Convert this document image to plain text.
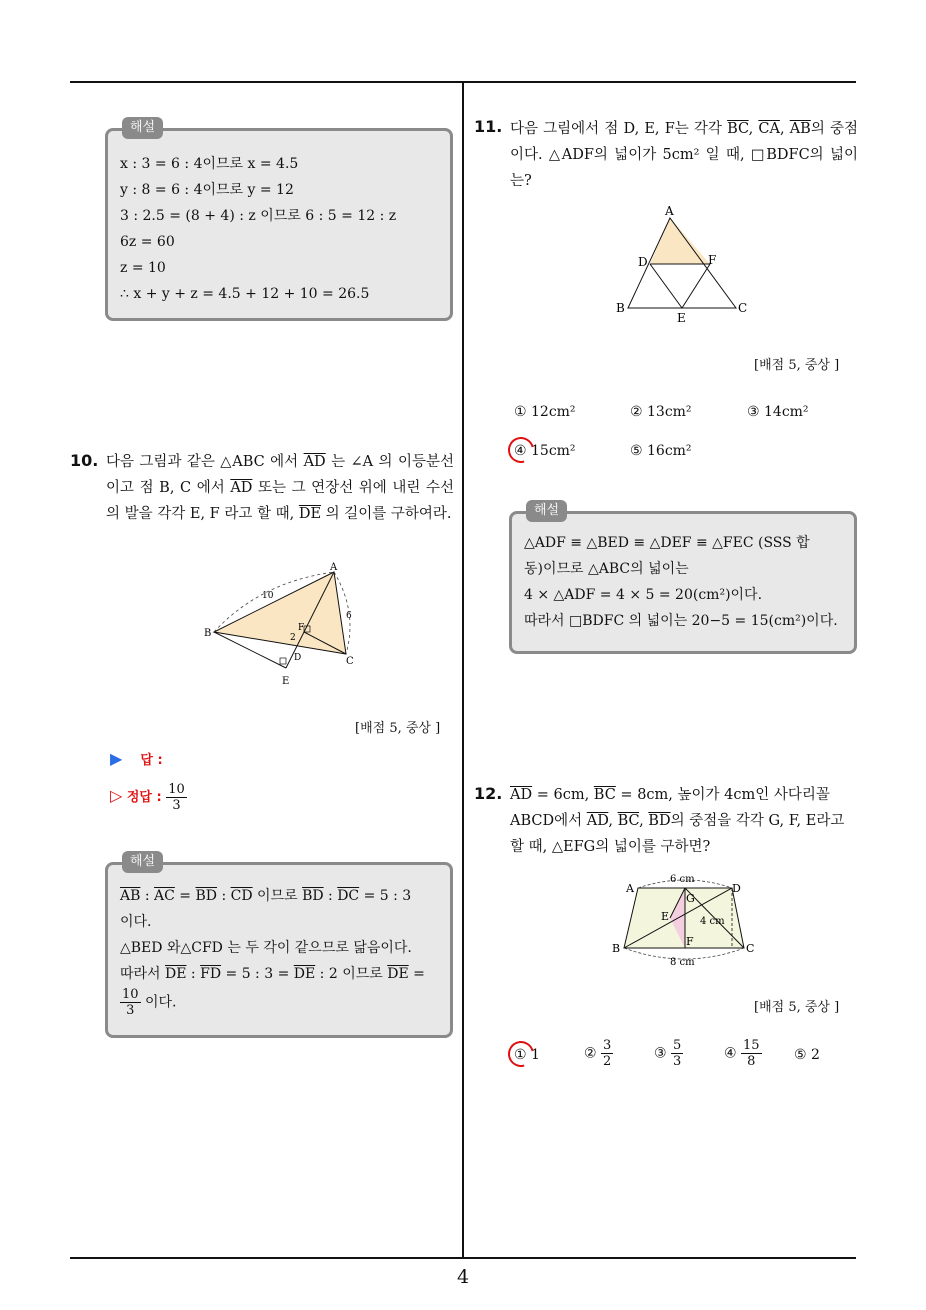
해설
x : 3 = 6 : 4이므로 x = 4.5
y : 8 = 6 : 4이므로 y = 12
3 : 2.5 = (8 + 4) : z 이므로 6 : 5 = 12 : z
6z = 60
z = 10
∴ x + y + z = 4.5 + 12 + 10 = 26.5
10. 다음 그림과 같은 △ABC 에서 $\overline{AD}$ 는 ∠A 의 이등분선이고 점 B, C 에서 $\overline{AD}$ 또는 그 연장선 위에 내린 수선의 발을 각각 E, F 라고 할 때, $\overline{DE}$ 의 길이를 구하여라.
A
B
C
D
E
F
10
6
2
[배점 5, 중상 ]
▶ 답 :
▷ 정답 : $\frac{10}{3}$
해설
$\overline{AB}$ : $\overline{AC} = \overline{BD}$ : $\overline{CD}$ 이므로 $\overline{BD}$ : $\overline{DC} = 5$ : 3
이다.
△BED 와△CFD 는 두 각이 같으므로 닮음이다.
따라서 $\overline{DE}$ : $\overline{FD} = 5$ : $3 = \overline{DE}$ : 2 이므로 $\overline{DE}$ =
$\frac{10}{3}$ 이다.
11. 다음 그림에서 점 D, E, F는 각각 $\overline{BC}$, $\overline{CA}$, $\overline{AB}$의 중점이다. △ADF의 넓이가 5cm² 일 때, □BDFC의 넓이는?
A
B	C
D
E
F
[배점 5, 중상 ]
① 12cm²	② 13cm²	③ 14cm²
④ 15cm²	⑤ 16cm²
해설
△ADF ≡ △BED ≡ △DEF ≡ △FEC (SSS 합
동)이므로 △ABC의 넓이는
4 × △ADF = 4 × 5 = 20(cm²)이다.
따라서 □BDFC 의 넓이는 20−5 = 15(cm²)이다.
12. $\overline{AD} = 6cm$, $\overline{BC} = 8cm$, 높이가 4cm인 사다리꼴
ABCD에서 $\overline{AD}$, $\overline{BC}$, $\overline{BD}$의 중점을 각각 G, F, E라고
할 때, △EFG의 넓이를 구하면?
A
B	C
D
E
F
G
6 cm
8 cm
4 cm
[배점 5, 중상 ]
① 1	② $\frac{3}{2}$	③ $\frac{5}{3}$	④ $\frac{15}{8}$ ⑤ 2
4
